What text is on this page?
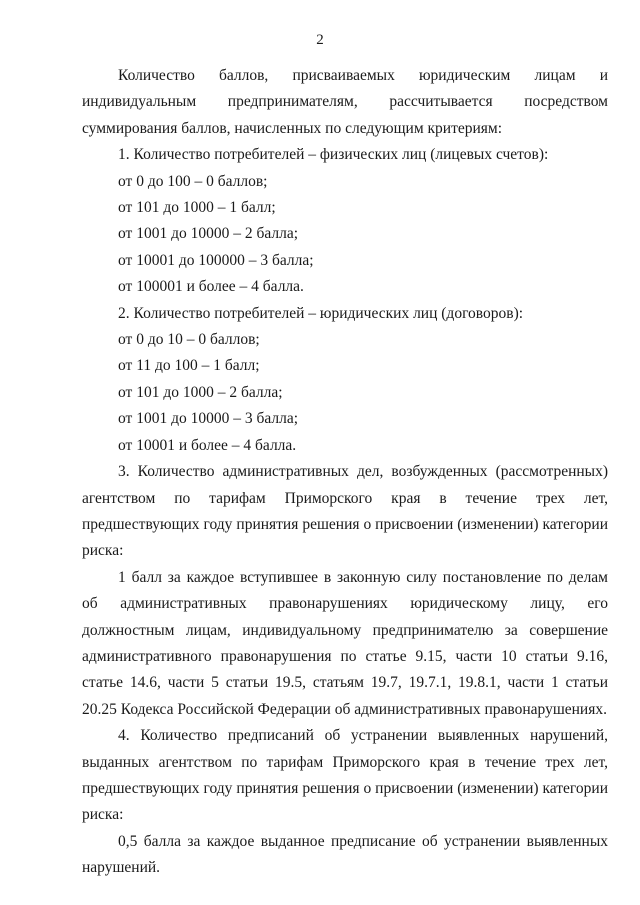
2

Количество баллов, присваиваемых юридическим лицам и индивидуальным предпринимателям, рассчитывается посредством суммирования баллов, начисленных по следующим критериям:

1. Количество потребителей – физических лиц (лицевых счетов):

от 0 до 100 – 0 баллов;

от 101 до 1000 – 1 балл;

от 1001 до 10000 – 2 балла;

от 10001 до 100000 – 3 балла;

от 100001 и более – 4 балла.

2. Количество потребителей – юридических лиц (договоров):

от 0 до 10 – 0 баллов;

от 11 до 100 – 1 балл;

от 101 до 1000 – 2 балла;

от 1001 до 10000 – 3 балла;

от 10001 и более – 4 балла.

3. Количество административных дел, возбужденных (рассмотренных) агентством по тарифам Приморского края в течение трех лет, предшествующих году принятия решения о присвоении (изменении) категории риска:

1 балл за каждое вступившее в законную силу постановление по делам об административных правонарушениях юридическому лицу, его должностным лицам, индивидуальному предпринимателю за совершение административного правонарушения по статье 9.15, части 10 статьи 9.16, статье 14.6, части 5 статьи 19.5, статьям 19.7, 19.7.1, 19.8.1, части 1 статьи 20.25 Кодекса Российской Федерации об административных правонарушениях.

4. Количество предписаний об устранении выявленных нарушений, выданных агентством по тарифам Приморского края в течение трех лет, предшествующих году принятия решения о присвоении (изменении) категории риска:

0,5 балла за каждое выданное предписание об устранении выявленных нарушений.
